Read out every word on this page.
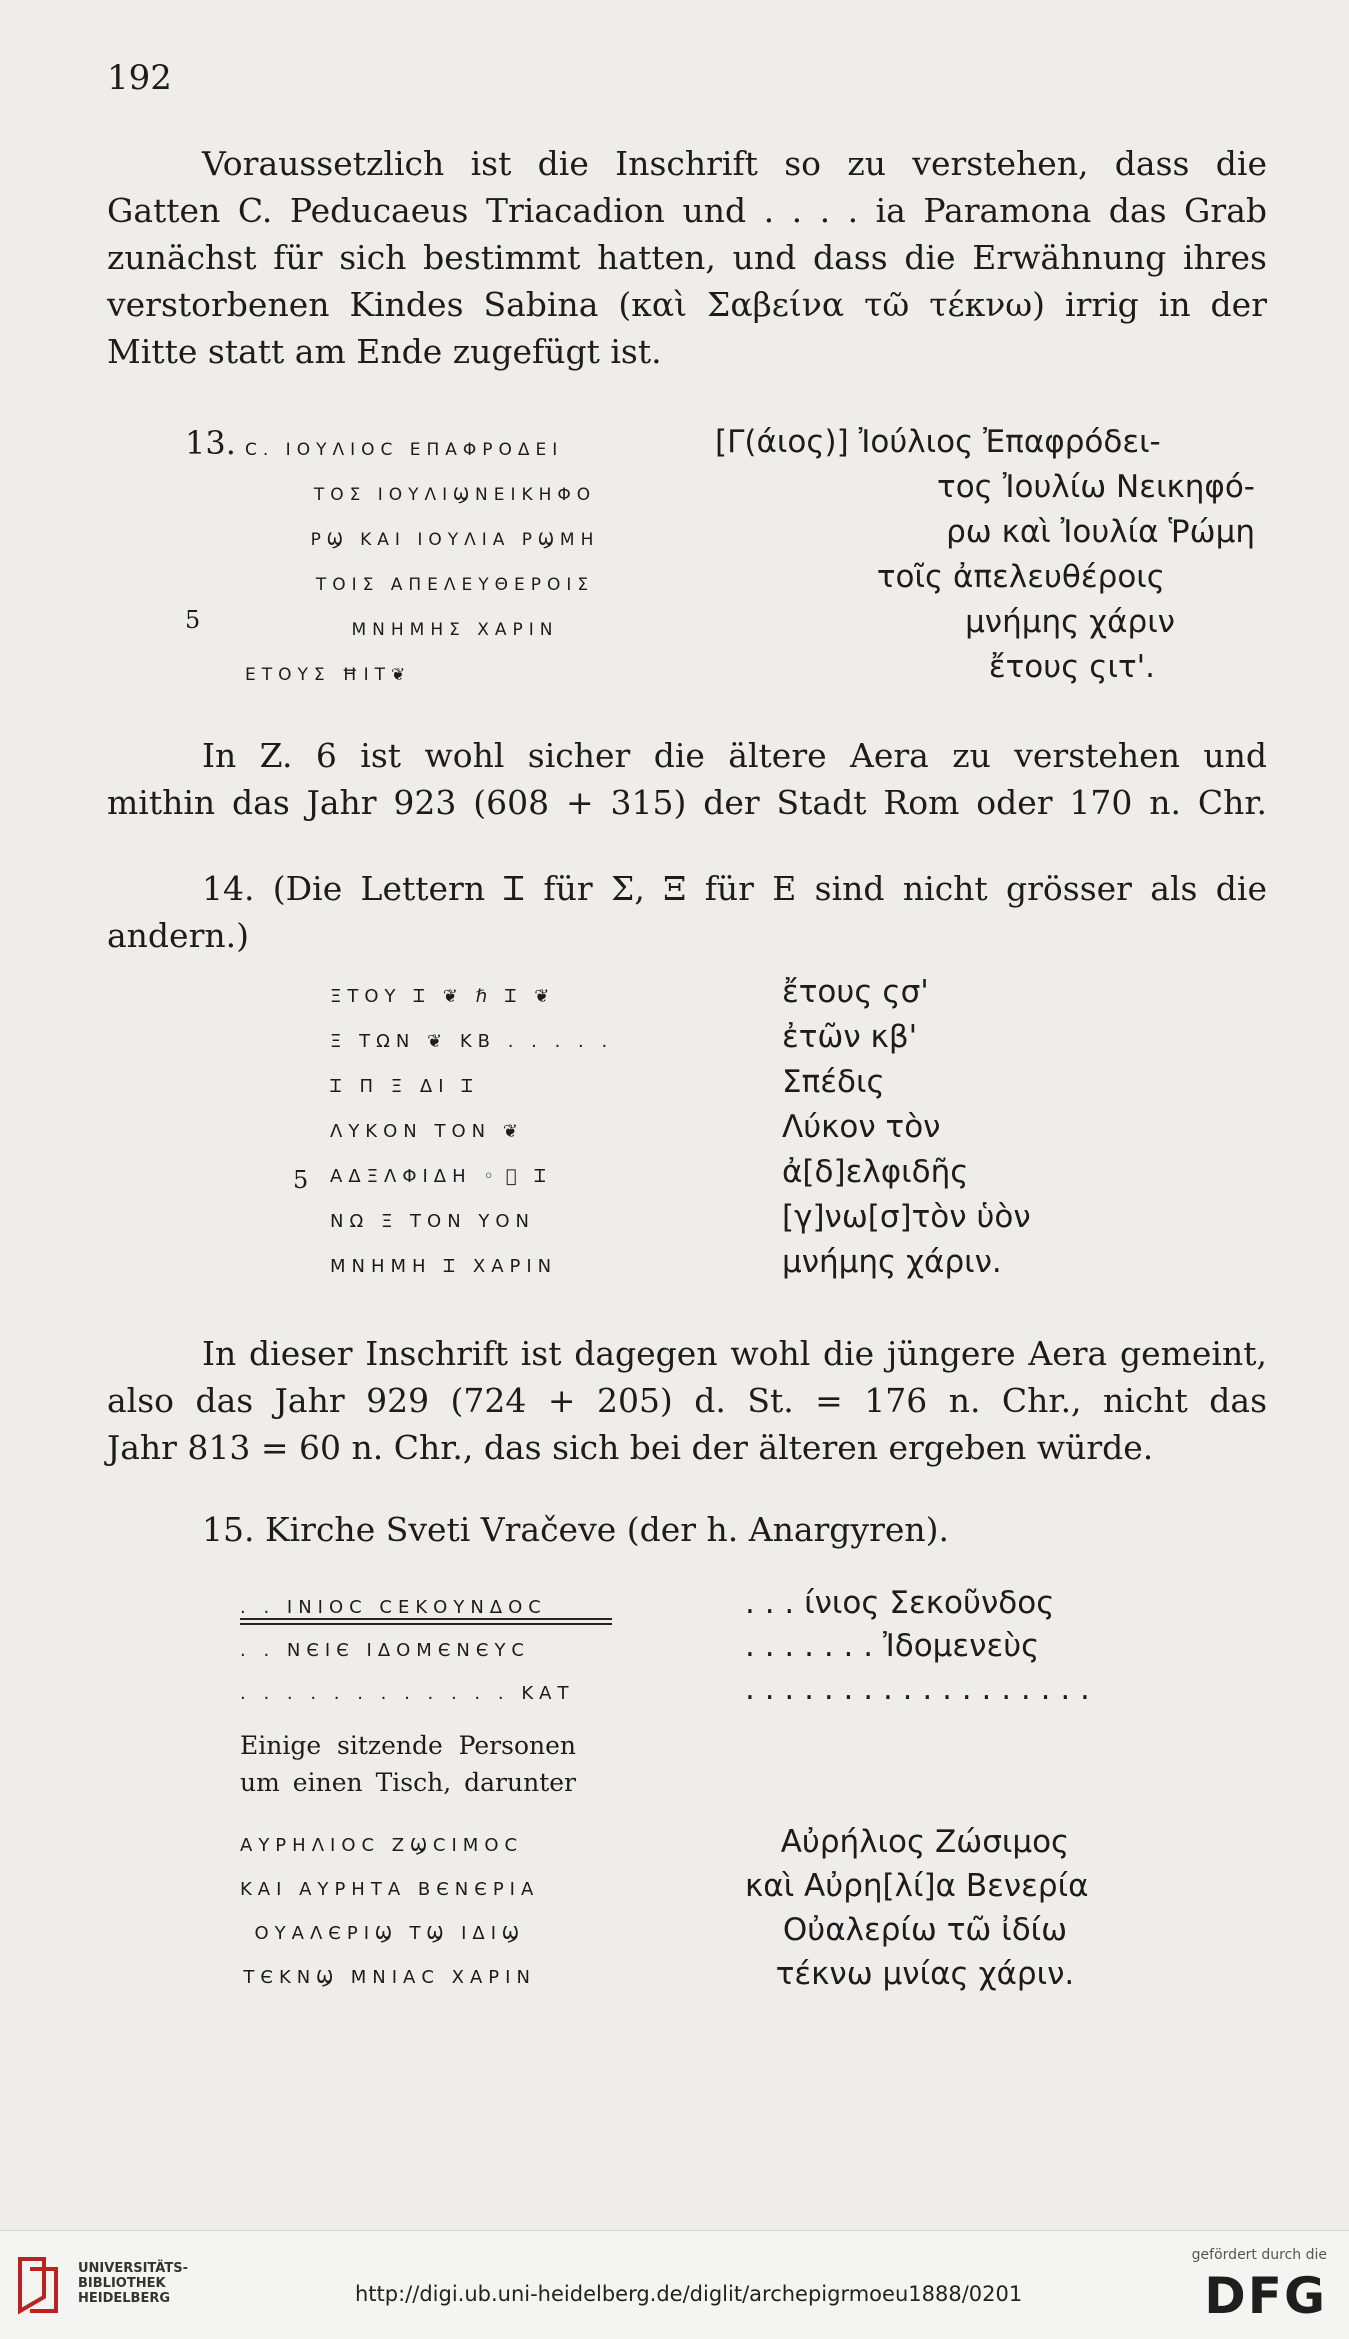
192
Voraussetzlich ist die Inschrift so zu verstehen, dass die
Gatten C. Peducaeus Triacadion und . . . . ia Paramona das Grab
zunächst für sich bestimmt hatten, und dass die Erwähnung ihres
verstorbenen Kindes Sabina (καὶ Σαβείνα τῶ τέκνω) irrig in der
Mitte statt am Ende zugefügt ist.
13.
5
C. ΙΟΥΛΙΟϹ ΕΠΑΦΡΟΔΕΙ
ΤΟΣ ΙΟΥΛΙϢΝΕΙΚΗΦΟ
ΡϢ ΚΑΙ ΙΟΥΛΙΑ ΡϢΜΗ
ΤΟΙΣ ΑΠΕΛΕΥΘΕΡΟΙΣ
ΜΝΗΜΗΣ ΧΑΡΙΝ
ΕΤΟΥΣ ĦΙΤ❦
[Γ(άιος)] Ἰούλιος Ἐπαφρόδει-
τος Ἰουλίω Νεικηφό-
ρω καὶ Ἰουλία Ῥώμη
τοῖς ἀπελευθέροις
μνήμης χάριν
ἔτους ςιτ'.
In Z. 6 ist wohl sicher die ältere Aera zu verstehen und
mithin das Jahr 923 (608 + 315) der Stadt Rom oder 170 n. Chr.
14. (Die Lettern Ꮖ für Σ, Ξ für Ε sind nicht grösser als die
andern.)
5
ΞΤΟΥ Ꮖ ❦ ℏ Ꮖ ❦
Ξ ΤΩΝ ❦ ΚΒ . . . . .
Ꮖ Π Ξ ΔΙ Ꮖ
ΛΥΚΟΝ ΤΟΝ ❦
ΑΔΞΛΦΙΔΗ ◦ ⃝ Ꮖ
ΝΩ Ξ ΤΟΝ ΥΟΝ
ΜΝΗΜΗ Ꮖ ΧΑΡΙΝ
ἔτους ςσ'
ἐτῶν κβ'
Σπέδις
Λύκον τὸν
ἀ[δ]ελφιδῆς
[γ]νω[σ]τὸν ὑὸν
μνήμης χάριν.
In dieser Inschrift ist dagegen wohl die jüngere Aera gemeint,
also das Jahr 929 (724 + 205) d. St. = 176 n. Chr., nicht das
Jahr 813 = 60 n. Chr., das sich bei der älteren ergeben würde.
15. Kirche Sveti Vračeve (der h. Anargyren).
. . ΙΝΙΟϹ ϹΕΚΟΥΝΔΟϹ
. . ΝЄΙЄ ΙΔΟΜЄΝЄΥϹ
. . . . . . . . . . . . ΚΑΤ
. . . ίνιος Σεκοῦνδος
. . . . . . . Ἰδομενεὺς
. . . . . . . . . . . . . . . . . .
Einige sitzende Personen
um einen Tisch, darunter
ΑΥΡΗΛΙΟϹ ΖϢϹΙΜΟϹ
ΚΑΙ ΑΥΡΗΤΑ ΒЄΝЄΡΙΑ
ΟΥΑΛЄΡΙϢ ΤϢ ΙΔΙϢ
ΤЄΚΝϢ ΜΝΙΑϹ ΧΑΡΙΝ
Αὐρήλιος Ζώσιμος
καὶ Αὐρη[λί]α Βενερία
Οὐαλερίω τῶ ἰδίω
τέκνω μνίας χάριν.
UNIVERSITÄTS-
BIBLIOTHEK
HEIDELBERG	http://digi.ub.uni-heidelberg.de/diglit/archepigrmoeu1888/0201
gefördert durch die
DFG
